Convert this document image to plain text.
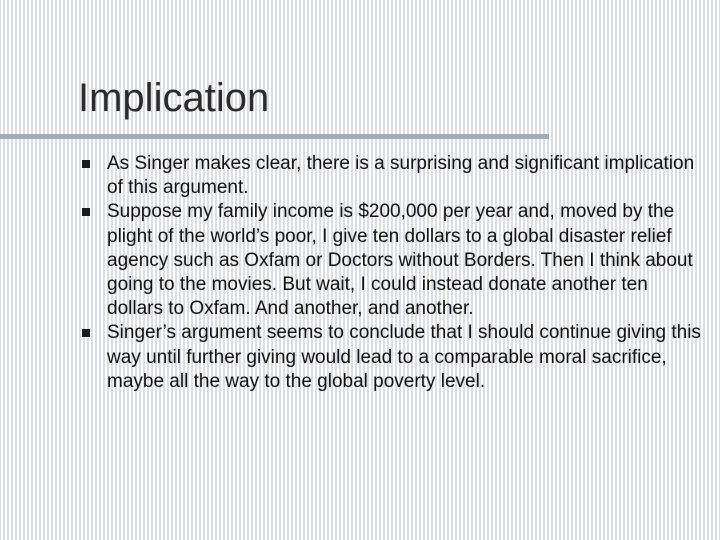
Implication
As Singer makes clear, there is a surprising and significant implication of this argument.
Suppose my family income is $200,000 per year and, moved by the plight of the world’s poor, I give ten dollars to a global disaster relief agency such as Oxfam or Doctors without Borders. Then I think about going to the movies. But wait, I could instead donate another ten dollars to Oxfam. And another, and another.
Singer’s argument seems to conclude that I should continue giving this way until further giving would lead to a comparable moral sacrifice, maybe all the way to the global poverty level.
